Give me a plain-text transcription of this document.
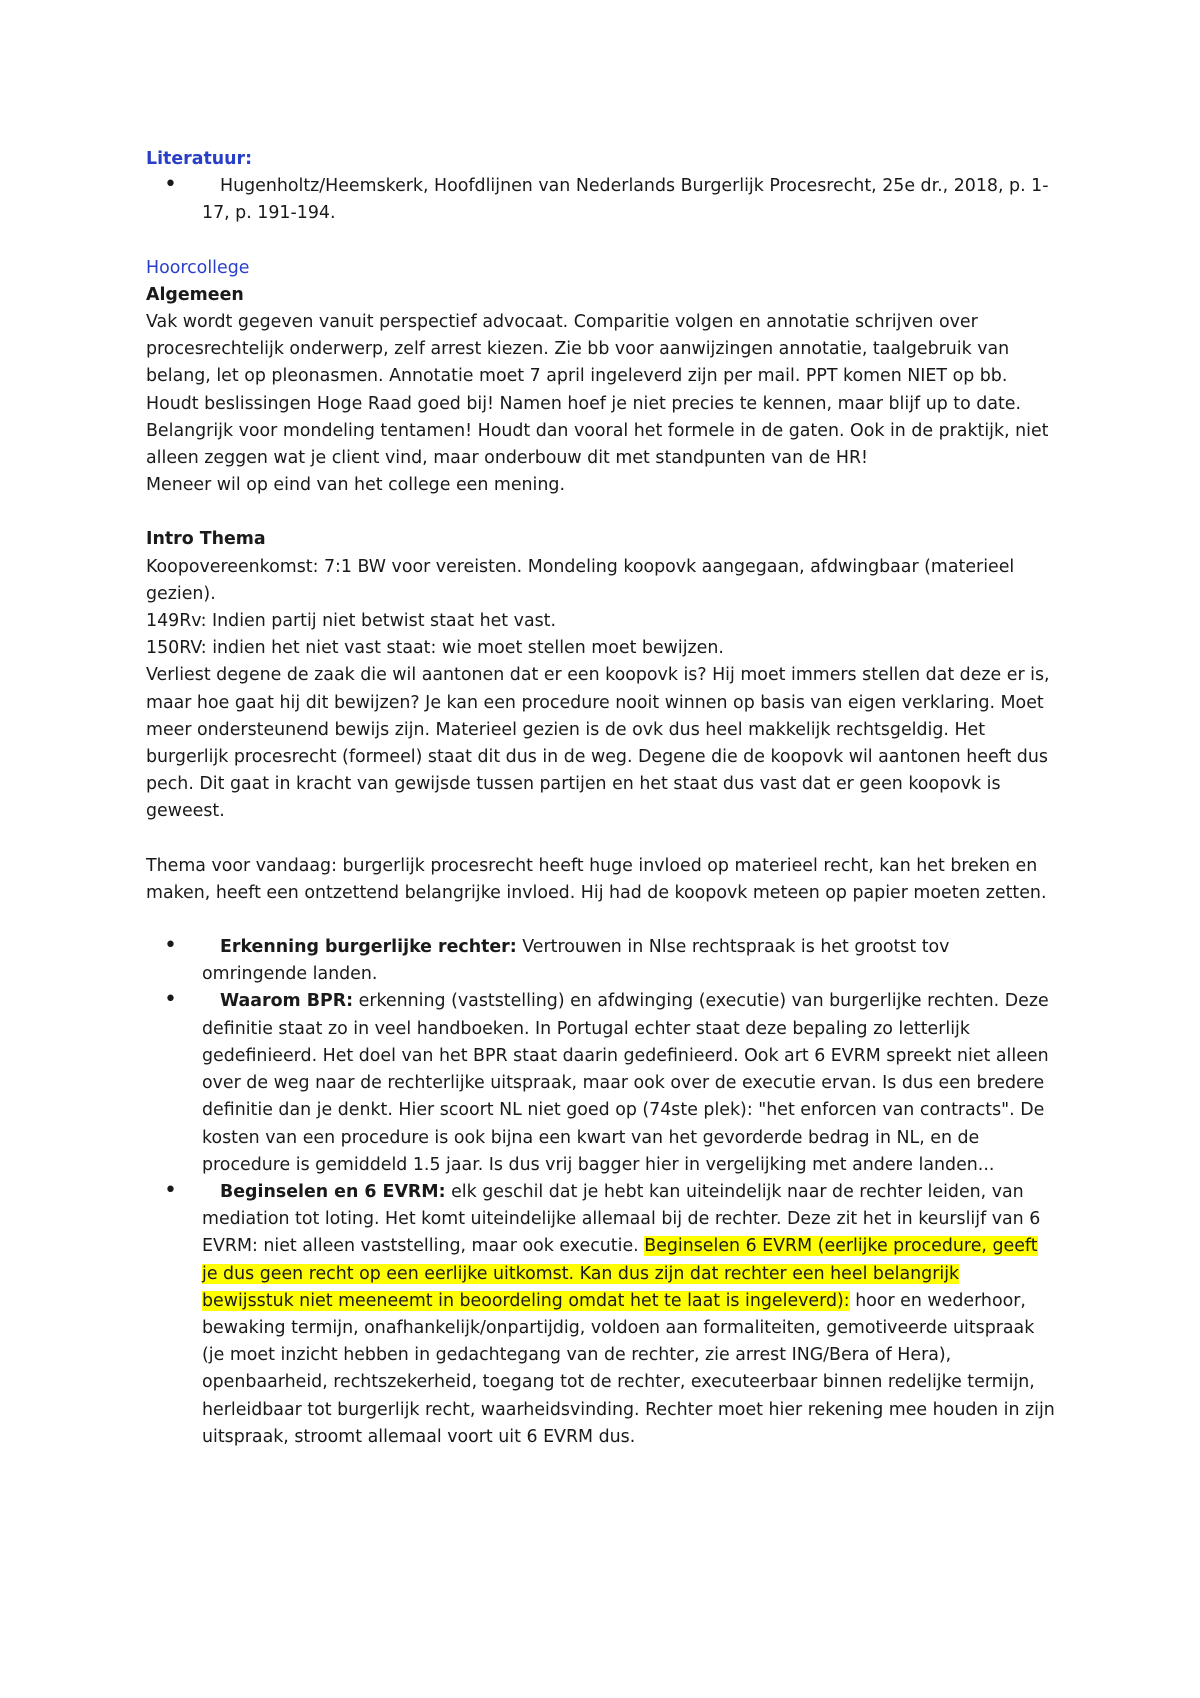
Literatuur:

• Hugenholtz/Heemskerk, Hoofdlijnen van Nederlands Burgerlijk Procesrecht, 25e dr., 2018, p. 1-17, p. 191-194.

Hoorcollege

Algemeen

Vak wordt gegeven vanuit perspectief advocaat. Comparitie volgen en annotatie schrijven over procesrechtelijk onderwerp, zelf arrest kiezen. Zie bb voor aanwijzingen annotatie, taalgebruik van belang, let op pleonasmen. Annotatie moet 7 april ingeleverd zijn per mail. PPT komen NIET op bb. Houdt beslissingen Hoge Raad goed bij! Namen hoef je niet precies te kennen, maar blijf up to date. Belangrijk voor mondeling tentamen! Houdt dan vooral het formele in de gaten. Ook in de praktijk, niet alleen zeggen wat je client vind, maar onderbouw dit met standpunten van de HR!

Meneer wil op eind van het college een mening.

Intro Thema

Koopovereenkomst: 7:1 BW voor vereisten. Mondeling koopovk aangegaan, afdwingbaar (materieel gezien).

149Rv: Indien partij niet betwist staat het vast.

150RV: indien het niet vast staat: wie moet stellen moet bewijzen.

Verliest degene de zaak die wil aantonen dat er een koopovk is? Hij moet immers stellen dat deze er is, maar hoe gaat hij dit bewijzen? Je kan een procedure nooit winnen op basis van eigen verklaring. Moet meer ondersteunend bewijs zijn. Materieel gezien is de ovk dus heel makkelijk rechtsgeldig. Het burgerlijk procesrecht (formeel) staat dit dus in de weg. Degene die de koopovk wil aantonen heeft dus pech. Dit gaat in kracht van gewijsde tussen partijen en het staat dus vast dat er geen koopovk is geweest.

Thema voor vandaag: burgerlijk procesrecht heeft huge invloed op materieel recht, kan het breken en maken, heeft een ontzettend belangrijke invloed. Hij had de koopovk meteen op papier moeten zetten.

• Erkenning burgerlijke rechter: Vertrouwen in Nlse rechtspraak is het grootst tov omringende landen.
• Waarom BPR: erkenning (vaststelling) en afdwinging (executie) van burgerlijke rechten. Deze definitie staat zo in veel handboeken. In Portugal echter staat deze bepaling zo letterlijk gedefinieerd. Het doel van het BPR staat daarin gedefinieerd. Ook art 6 EVRM spreekt niet alleen over de weg naar de rechterlijke uitspraak, maar ook over de executie ervan. Is dus een bredere definitie dan je denkt. Hier scoort NL niet goed op (74ste plek): "het enforcen van contracts". De kosten van een procedure is ook bijna een kwart van het gevorderde bedrag in NL, en de procedure is gemiddeld 1.5 jaar. Is dus vrij bagger hier in vergelijking met andere landen...
• Beginselen en 6 EVRM: elk geschil dat je hebt kan uiteindelijk naar de rechter leiden, van mediation tot loting. Het komt uiteindelijke allemaal bij de rechter. Deze zit het in keurslijf van 6 EVRM: niet alleen vaststelling, maar ook executie. Beginselen 6 EVRM (eerlijke procedure, geeft je dus geen recht op een eerlijke uitkomst. Kan dus zijn dat rechter een heel belangrijk bewijsstuk niet meeneemt in beoordeling omdat het te laat is ingeleverd): hoor en wederhoor, bewaking termijn, onafhankelijk/onpartijdig, voldoen aan formaliteiten, gemotiveerde uitspraak (je moet inzicht hebben in gedachtegang van de rechter, zie arrest ING/Bera of Hera), openbaarheid, rechtszekerheid, toegang tot de rechter, executeerbaar binnen redelijke termijn, herleidbaar tot burgerlijk recht, waarheidsvinding. Rechter moet hier rekening mee houden in zijn uitspraak, stroomt allemaal voort uit 6 EVRM dus.
